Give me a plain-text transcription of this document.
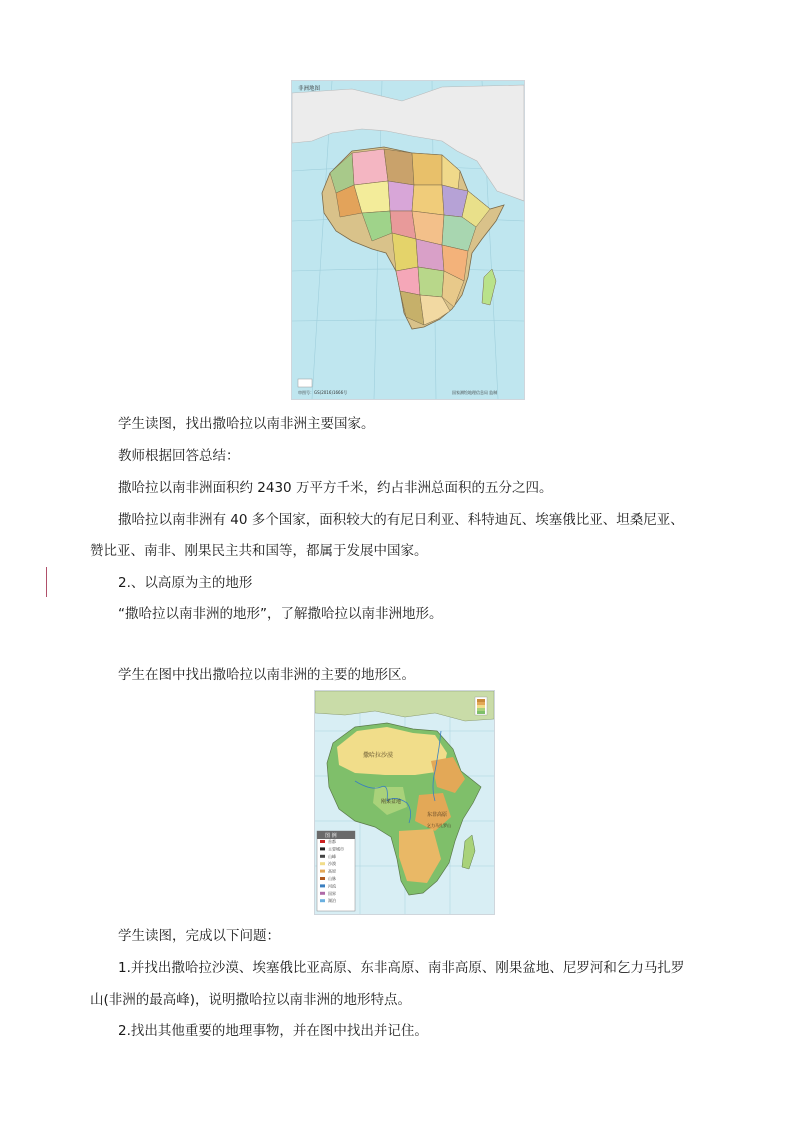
非洲地图
审图号：GS(2016)1666号	国家测绘地理信息局 监制
学生读图，找出撒哈拉以南非洲主要国家。
教师根据回答总结：
撒哈拉以南非洲面积约 2430 万平方千米，约占非洲总面积的五分之四。
撒哈拉以南非洲有 40 多个国家，面积较大的有尼日利亚、科特迪瓦、埃塞俄比亚、坦桑尼亚、
赞比亚、南非、刚果民主共和国等，都属于发展中国家。
2.、以高原为主的地形
“撒哈拉以南非洲的地形”，了解撒哈拉以南非洲地形。
学生在图中找出撒哈拉以南非洲的主要的地形区。
撒哈拉沙漠
东非高原
刚果盆地
乞力马扎罗山
图 例
首都
主要城市
山峰
沙漠
高原
山脉
河流
国界
湖泊
学生读图，完成以下问题：
1.并找出撒哈拉沙漠、埃塞俄比亚高原、东非高原、南非高原、刚果盆地、尼罗河和乞力马扎罗
山(非洲的最高峰)，说明撒哈拉以南非洲的地形特点。
2.找出其他重要的地理事物，并在图中找出并记住。
